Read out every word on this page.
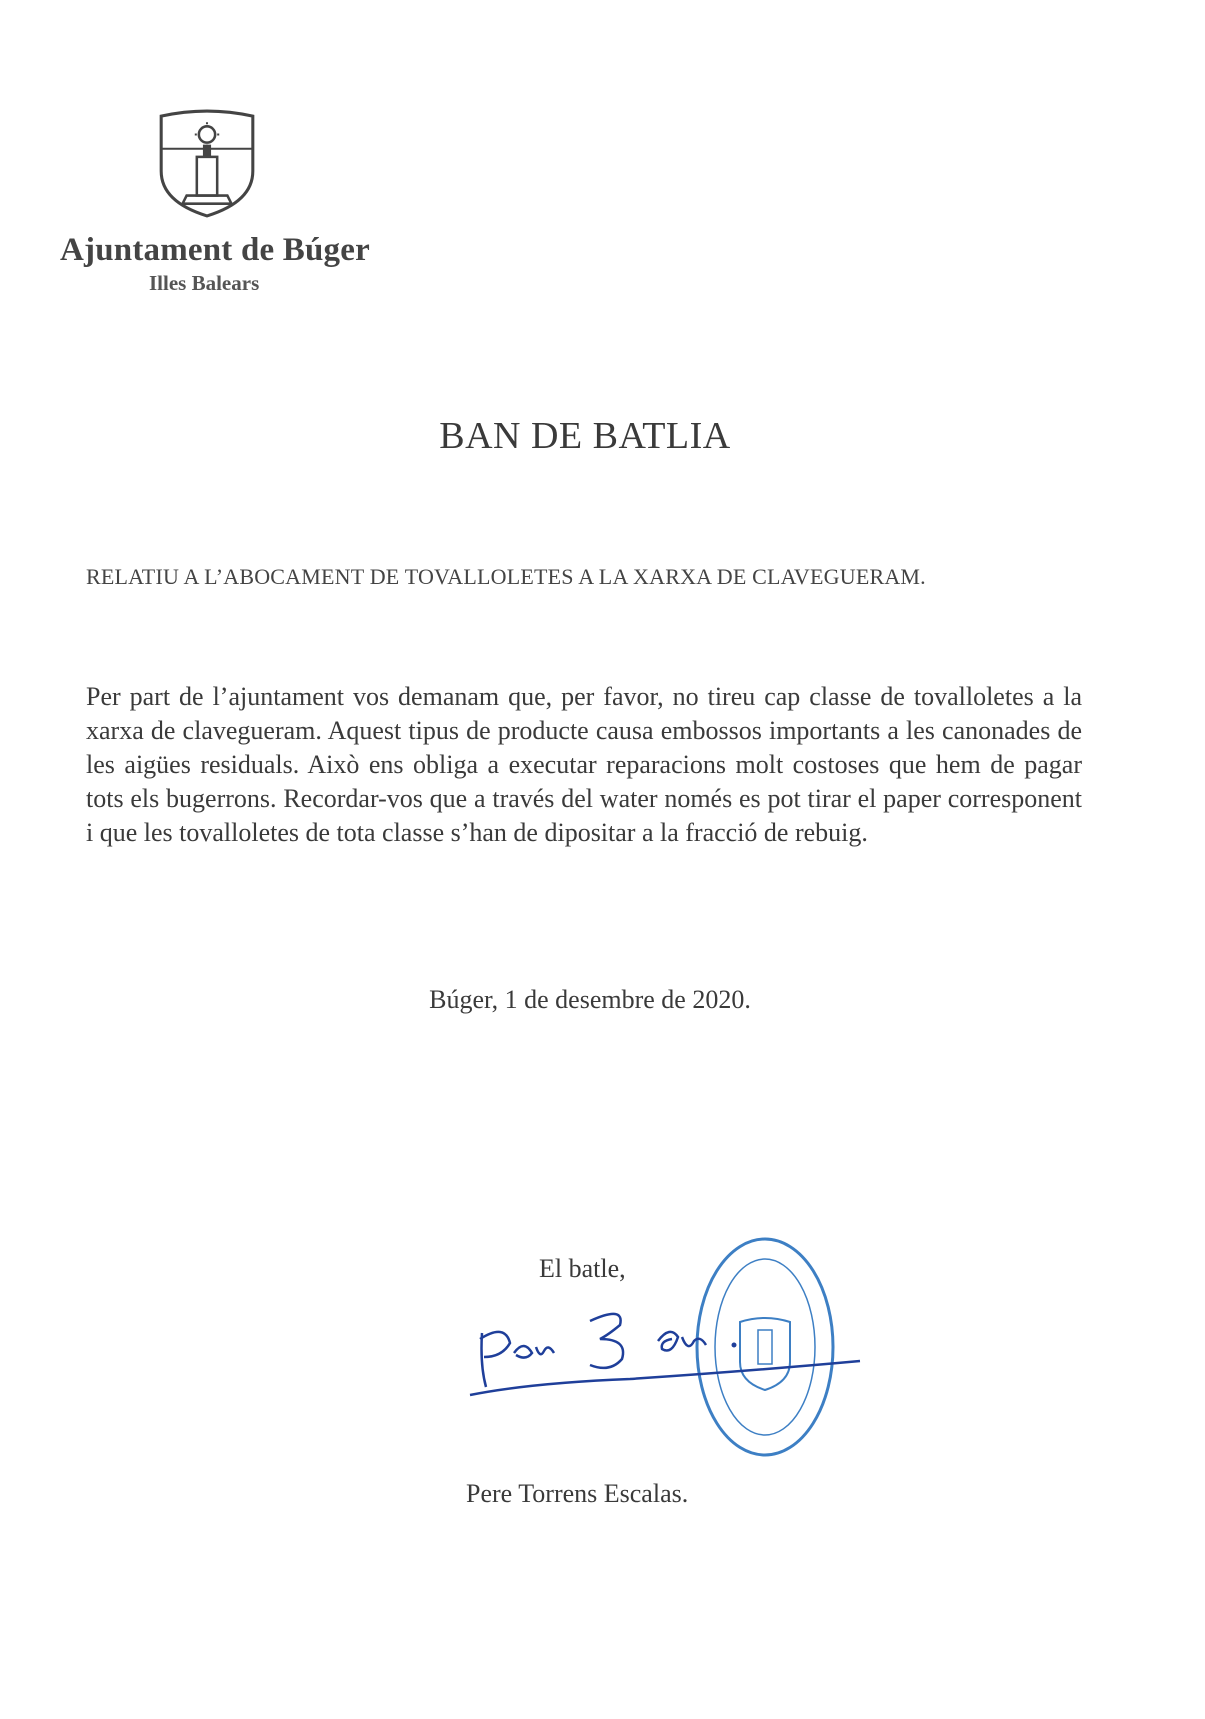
Ajuntament de Búger
Illes Balears
BAN DE BATLIA
RELATIU A L’ABOCAMENT DE TOVALLOLETES A LA XARXA DE CLAVEGUERAM.
Per part de l’ajuntament vos demanam que, per favor, no tireu cap classe de tovalloletes a la xarxa de clavegueram. Aquest tipus de producte causa embossos importants a les canonades de les aigües residuals. Això ens obliga a executar reparacions molt costoses que hem de pagar tots els bugerrons. Recordar-vos que a través del water només es pot tirar el paper corresponent i que les tovalloletes de tota classe s’han de dipositar a la fracció de rebuig.
Búger, 1 de desembre de 2020.
El batle,
Pere Torrens Escalas.
